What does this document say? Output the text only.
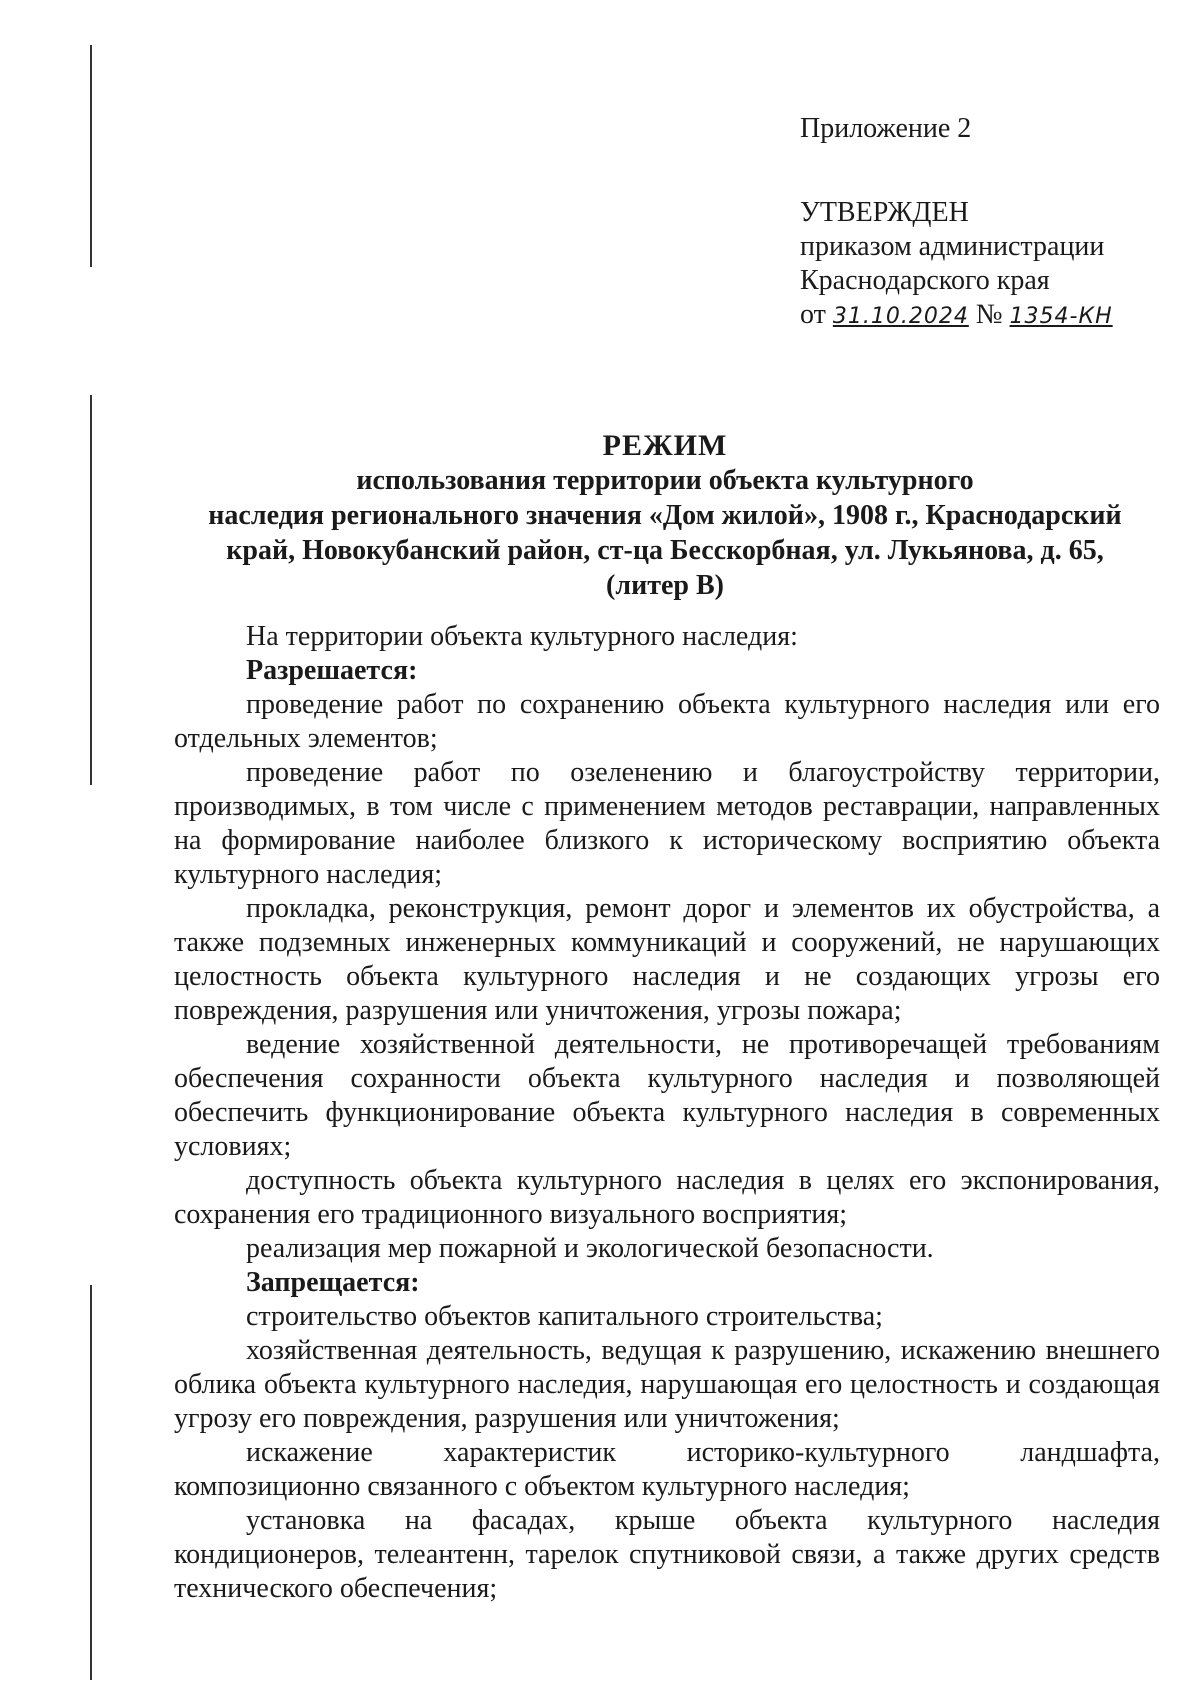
Приложение 2
УТВЕРЖДЕН
приказом администрации
Краснодарского края
от 31.10.2024 № 1354-КН
РЕЖИМ
использования территории объекта культурного
наследия регионального значения «Дом жилой», 1908 г., Краснодарский
край, Новокубанский район, ст-ца Бесскорбная, ул. Лукьянова, д. 65,
(литер В)

На территории объекта культурного наследия:

Разрешается:

проведение работ по сохранению объекта культурного наследия или его отдельных элементов;

проведение работ по озеленению и благоустройству территории, производимых, в том числе с применением методов реставрации, направленных на формирование наиболее близкого к историческому восприятию объекта культурного наследия;

прокладка, реконструкция, ремонт дорог и элементов их обустройства, а также подземных инженерных коммуникаций и сооружений, не нарушающих целостность объекта культурного наследия и не создающих угрозы его повреждения, разрушения или уничтожения, угрозы пожара;

ведение хозяйственной деятельности, не противоречащей требованиям обеспечения сохранности объекта культурного наследия и позволяющей обеспечить функционирование объекта культурного наследия в современных условиях;

доступность объекта культурного наследия в целях его экспонирования, сохранения его традиционного визуального восприятия;

реализация мер пожарной и экологической безопасности.

Запрещается:

строительство объектов капитального строительства;

хозяйственная деятельность, ведущая к разрушению, искажению внешнего облика объекта культурного наследия, нарушающая его целостность и создающая угрозу его повреждения, разрушения или уничтожения;

искажение характеристик историко-культурного ландшафта, композиционно связанного с объектом культурного наследия;

установка на фасадах, крыше объекта культурного наследия кондиционеров, телеантенн, тарелок спутниковой связи, а также других средств технического обеспечения;
